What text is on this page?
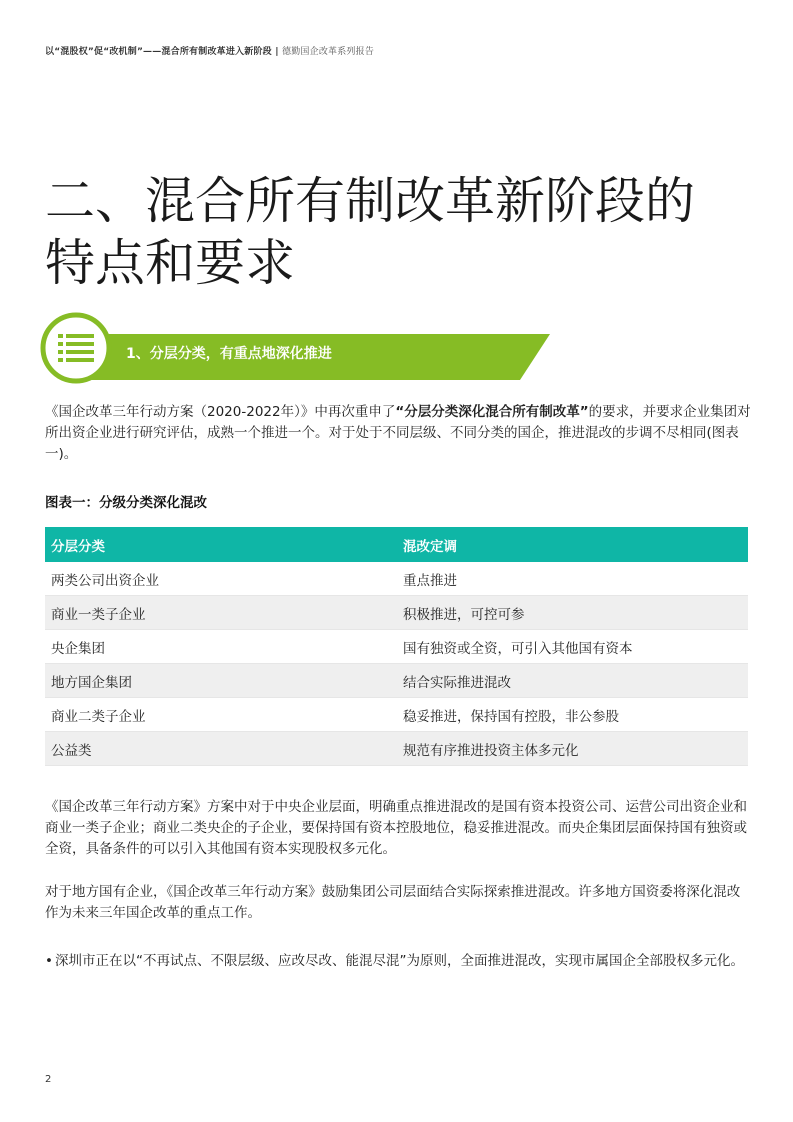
以“混股权”促“改机制”——混合所有制改革进入新阶段 | 德勤国企改革系列报告
二、混合所有制改革新阶段的
特点和要求
1、分层分类，有重点地深化推进

《国企改革三年行动方案（2020-2022年）》中再次重申了“分层分类深化混合所有制改革”的要求，并要求企业集团对所出资企业进行研究评估，成熟一个推进一个。对于处于不同层级、不同分类的国企，推进混改的步调不尽相同(图表一)。

图表一：分级分类深化混改
分层分类	混改定调
两类公司出资企业	重点推进
商业一类子企业	积极推进，可控可参
央企集团	国有独资或全资，可引入其他国有资本
地方国企集团	结合实际推进混改
商业二类子企业	稳妥推进，保持国有控股，非公参股
公益类	规范有序推进投资主体多元化

《国企改革三年行动方案》方案中对于中央企业层面，明确重点推进混改的是国有资本投资公司、运营公司出资企业和商业一类子企业；商业二类央企的子企业，要保持国有资本控股地位，稳妥推进混改。而央企集团层面保持国有独资或全资，具备条件的可以引入其他国有资本实现股权多元化。

对于地方国有企业，《国企改革三年行动方案》鼓励集团公司层面结合实际探索推进混改。许多地方国资委将深化混改作为未来三年国企改革的重点工作。

• 深圳市正在以“不再试点、不限层级、应改尽改、能混尽混”为原则，全面推进混改，实现市属国企全部股权多元化。
2
